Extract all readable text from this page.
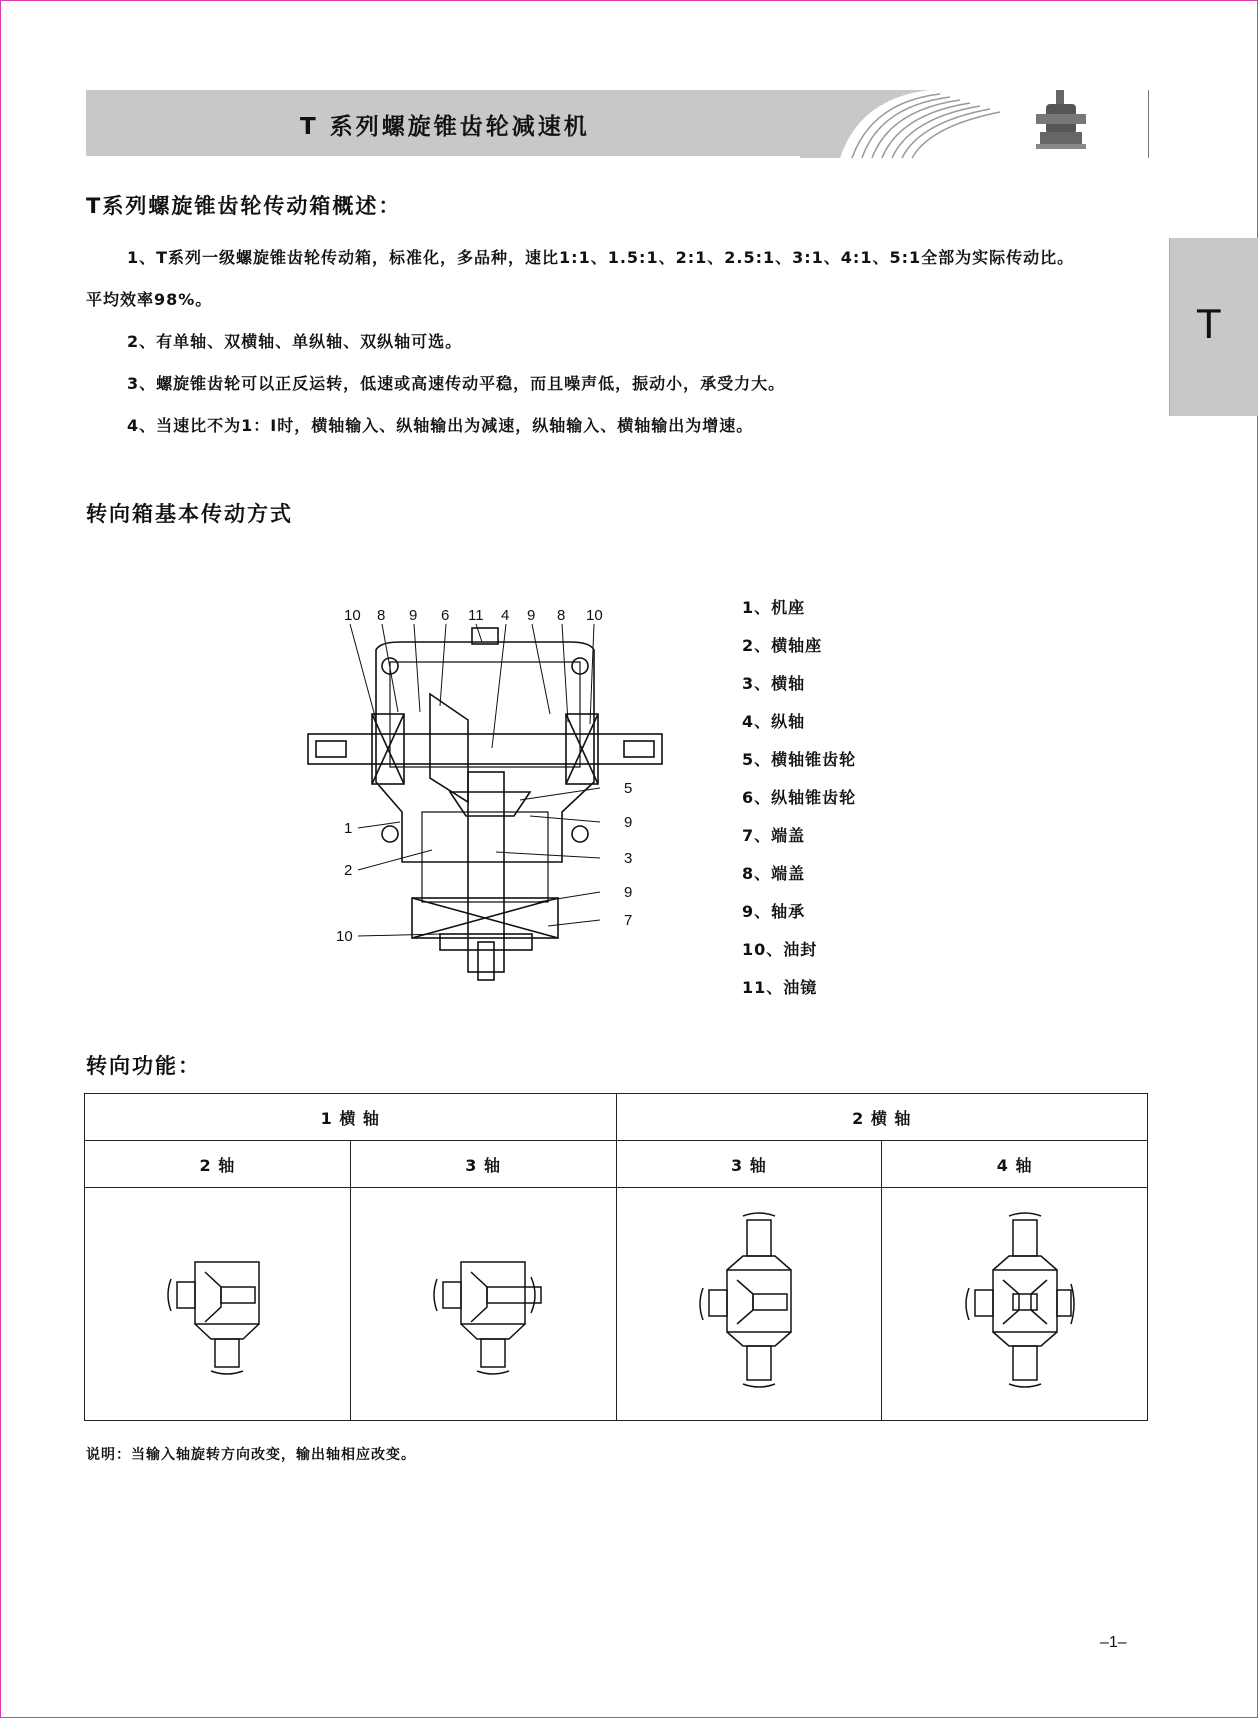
T 系列螺旋锥齿轮减速机
T
T系列螺旋锥齿轮传动箱概述：
1、T系列一级螺旋锥齿轮传动箱，标准化，多品种，速比1:1、1.5:1、2:1、2.5:1、3:1、4:1、5:1全部为实际传动比。
平均效率98%。
2、有单轴、双横轴、单纵轴、双纵轴可选。
3、螺旋锥齿轮可以正反运转，低速或高速传动平稳，而且噪声低，振动小，承受力大。
4、当速比不为1：I时，横轴输入、纵轴输出为减速，纵轴输入、横轴输出为增速。
转向箱基本传动方式
10 8 9 6 11 4 9 8 10
5
9
3
9
7
1
2
10
1、机座
2、横轴座
3、横轴
4、纵轴
5、横轴锥齿轮
6、纵轴锥齿轮
7、端盖
8、端盖
9、轴承
10、油封
11、油镜
转向功能：
1 横 轴		2 横 轴	
2 轴	3 轴	3 轴	4 轴

说明：当输入轴旋转方向改变，输出轴相应改变。
–1–
